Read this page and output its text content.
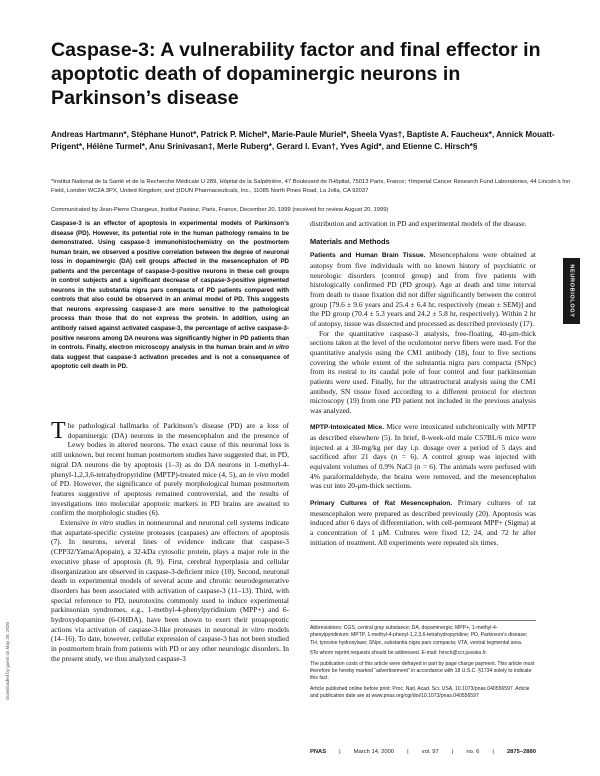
Caspase-3: A vulnerability factor and final effector in apoptotic death of dopaminergic neurons in Parkinson’s disease
Andreas Hartmann*, Stéphane Hunot*, Patrick P. Michel*, Marie-Paule Muriel*, Sheela Vyas†, Baptiste A. Faucheux*, Annick Mouatt-Prigent*, Hélène Turmel*, Anu Srinivasan‡, Merle Ruberg*, Gerard I. Evan†, Yves Agid*, and Etienne C. Hirsch*§
*Institut National de la Santé et de la Recherche Médicale U 289, Hôpital de la Salpêtrière, 47 Boulevard de l’Hôpital, 75013 Paris, France; †Imperial Cancer Research Fund Laboratories, 44 Lincoln’s Inn Field, London WC2A 3PX, United Kingdom; and ‡IDUN Pharmaceuticals, Inc., 11085 North Pines Road, La Jolla, CA 92037
Communicated by Jean-Pierre Changeux, Institut Pasteur, Paris, France, December 20, 1999 (received for review August 20, 1999)
Caspase-3 is an effector of apoptosis in experimental models of Parkinson’s disease (PD). However, its potential role in the human pathology remains to be demonstrated. Using caspase-3 immunohistochemistry on the postmortem human brain, we observed a positive correlation between the degree of neuronal loss in dopaminergic (DA) cell groups affected in the mesencephalon of PD patients and the percentage of caspase-3-positive neurons in these cell groups in control subjects and a significant decrease of caspase-3-positive pigmented neurons in the substantia nigra pars compacta of PD patients compared with controls that also could be observed in an animal model of PD. This suggests that neurons expressing caspase-3 are more sensitive to the pathological process than those that do not express the protein. In addition, using an antibody raised against activated caspase-3, the percentage of active caspase-3-positive neurons among DA neurons was significantly higher in PD patients than in controls. Finally, electron microscopy analysis in the human brain and in vitro data suggest that caspase-3 activation precedes and is not a consequence of apoptotic cell death in PD.

The pathological hallmarks of Parkinson’s disease (PD) are a loss of dopaminergic (DA) neurons in the mesencephalon and the presence of Lewy bodies in altered neurons. The exact cause of this neuronal loss is still unknown, but recent human postmortem studies have suggested that, in PD, nigral DA neurons die by apoptosis (1–3) as do DA neurons in 1-methyl-4-phenyl-1,2,3,6-tetrahydropyridine (MPTP)-treated mice (4, 5), an in vivo model of PD. However, the significance of purely morphological human postmortem features suggestive of apoptosis remained controversial, and the results of investigations into molecular apoptotic markers in PD brains are awaited to confirm the morphologic studies (6).

Extensive in vitro studies in nonneuronal and neuronal cell systems indicate that aspartate-specific cysteine proteases (caspases) are effectors of apoptosis (7). In neurons, several lines of evidence indicate that caspase-3 (CPP32/Yama/Apopain), a 32-kDa cytosolic protein, plays a major role in the executive phase of apoptosis (8, 9). First, cerebral hyperplasia and cellular disorganization are observed in caspase-3-deficient mice (10). Second, neuronal death in experimental models of several acute and chronic neurodegenerative disorders has been associated with activation of caspase-3 (11–13). Third, with special reference to PD, neurotoxins commonly used to induce experimental parkinsonian syndromes, e.g., 1-methyl-4-phenylpyridinium (MPP+) and 6-hydroxydopamine (6-OHDA), have been shown to exert their proapoptotic actions via activation of caspase-3-like proteases in neuronal in vitro models (14–16). To date, however, cellular expression of caspase-3 has not been studied in postmortem brain from patients with PD or any other neurologic disorders. In the present study, we thus analyzed caspase-3

distribution and activation in PD and experimental models of the disease.

Materials and Methods

Patients and Human Brain Tissue. Mesencephalons were obtained at autopsy from five individuals with no known history of psychiatric or neurologic disorders (control group) and from five patients with histologically confirmed PD (PD group). Age at death and time interval from death to tissue fixation did not differ significantly between the control group [79.6 ± 9.6 years and 25.4 ± 6.4 hr, respectively (mean ± SEM)] and the PD group (70.4 ± 5.3 years and 24.2 ± 5.8 hr, respectively). Within 2 hr of autopsy, tissue was dissected and processed as described previously (17).

For the quantitative caspase-3 analysis, free-floating, 40-μm-thick sections taken at the level of the oculomotor nerve fibers were used. For the quantitative analysis using the CM1 antibody (18), four to five sections covering the whole extent of the substantia nigra pars compacta (SNpc) from its rostral to its caudal pole of four control and four parkinsonian patients were used. Finally, for the ultrastructural analysis using the CM1 antibody, SN tissue fixed according to a different protocol for electron microscopy (19) from one PD patient not included in the previous analysis was analyzed.

MPTP-Intoxicated Mice. Mice were intoxicated subchronically with MPTP as described elsewhere (5). In brief, 8-week-old male C57BL/6 mice were injected at a 30-mg/kg per day i.p. dosage over a period of 5 days and sacrificed after 21 days (n = 6). A control group was injected with equivalent volumes of 0.9% NaCl (n = 6). The animals were perfused with 4% paraformaldehyde, the brains were removed, and the mesencephalon was cut into 20-μm-thick sections.

Primary Cultures of Rat Mesencephalon. Primary cultures of rat mesencephalon were prepared as described previously (20). Apoptosis was induced after 6 days of differentiation, with cell-permeant MPP+ (Sigma) at a concentration of 1 μM. Cultures were fixed 12, 24, and 72 hr after initiation of treatment. All experiments were repeated six times.

Abbreviations: CGS, central gray substance; DA, dopaminergic; MPP+, 1-methyl-4-phenylpyridinium; MPTP, 1-methyl-4-phenyl-1,2,3,6-tetrahydropyridine; PD, Parkinson’s disease; TH, tyrosine hydroxylase; SNpc, substantia nigra pars compacta; VTA, ventral tegmental area.

§To whom reprint requests should be addressed. E-mail: hirsch@ccr.jussieu.fr.

The publication costs of this article were defrayed in part by page charge payment. This article must therefore be hereby marked “advertisement” in accordance with 18 U.S.C. §1734 solely to indicate this fact.

Article published online before print: Proc. Natl. Acad. Sci. USA, 10.1073/pnas.040556597. Article and publication date are at www.pnas.org/cgi/doi/10.1073/pnas.040556597

NEUROBIOLOGY
PNAS | March 14, 2000 | vol. 97 | no. 6 | 2875–2880
Downloaded by guest on May 28, 2020
